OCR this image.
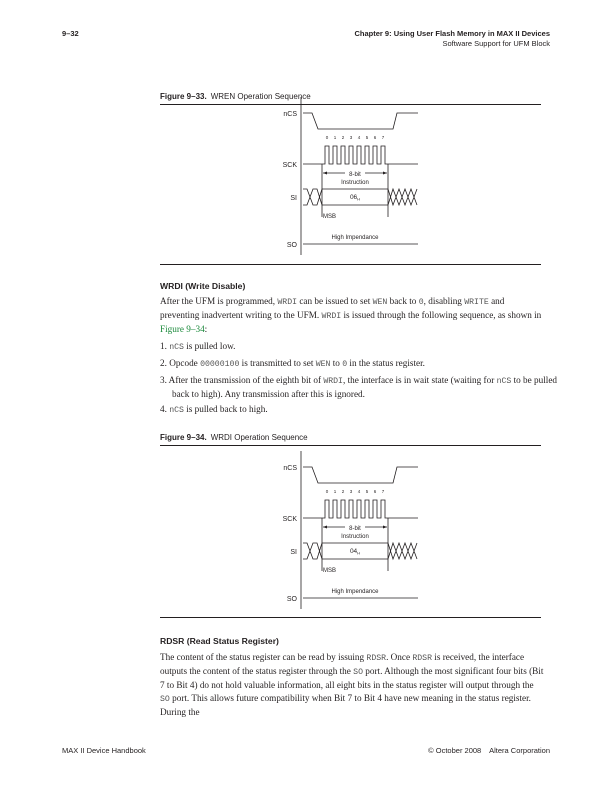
9–32	Chapter 9: Using User Flash Memory in MAX II Devices
Software Support for UFM Block
Figure 9–33. WREN Operation Sequence
nCS
SCK
SI
SO
0 1 2 3 4 5 6 7
8-bit
Instruction
$06_H$
MSB
High Impendance
WRDI (Write Disable)
After the UFM is programmed, WRDI can be issued to set WEN back to 0, disabling WRITE and preventing inadvertent writing to the UFM. WRDI is issued through the following sequence, as shown in Figure 9–34:
1. nCS is pulled low.
2. Opcode 00000100 is transmitted to set WEN to 0 in the status register.
3. After the transmission of the eighth bit of WRDI, the interface is in wait state (waiting for nCS to be pulled back to high). Any transmission after this is ignored.
4. nCS is pulled back to high.
Figure 9–34. WRDI Operation Sequence
nCS
SCK
SI
SO
0 1 2 3 4 5 6 7
8-bit
Instruction
$04_H$
MSB
High Impendance
RDSR (Read Status Register)
The content of the status register can be read by issuing RDSR. Once RDSR is received, the interface outputs the content of the status register through the SO port. Although the most significant four bits (Bit 7 to Bit 4) do not hold valuable information, all eight bits in the status register will output through the SO port. This allows future compatibility when Bit 7 to Bit 4 have new meaning in the status register. During the
MAX II Device Handbook	© October 2008    Altera Corporation
